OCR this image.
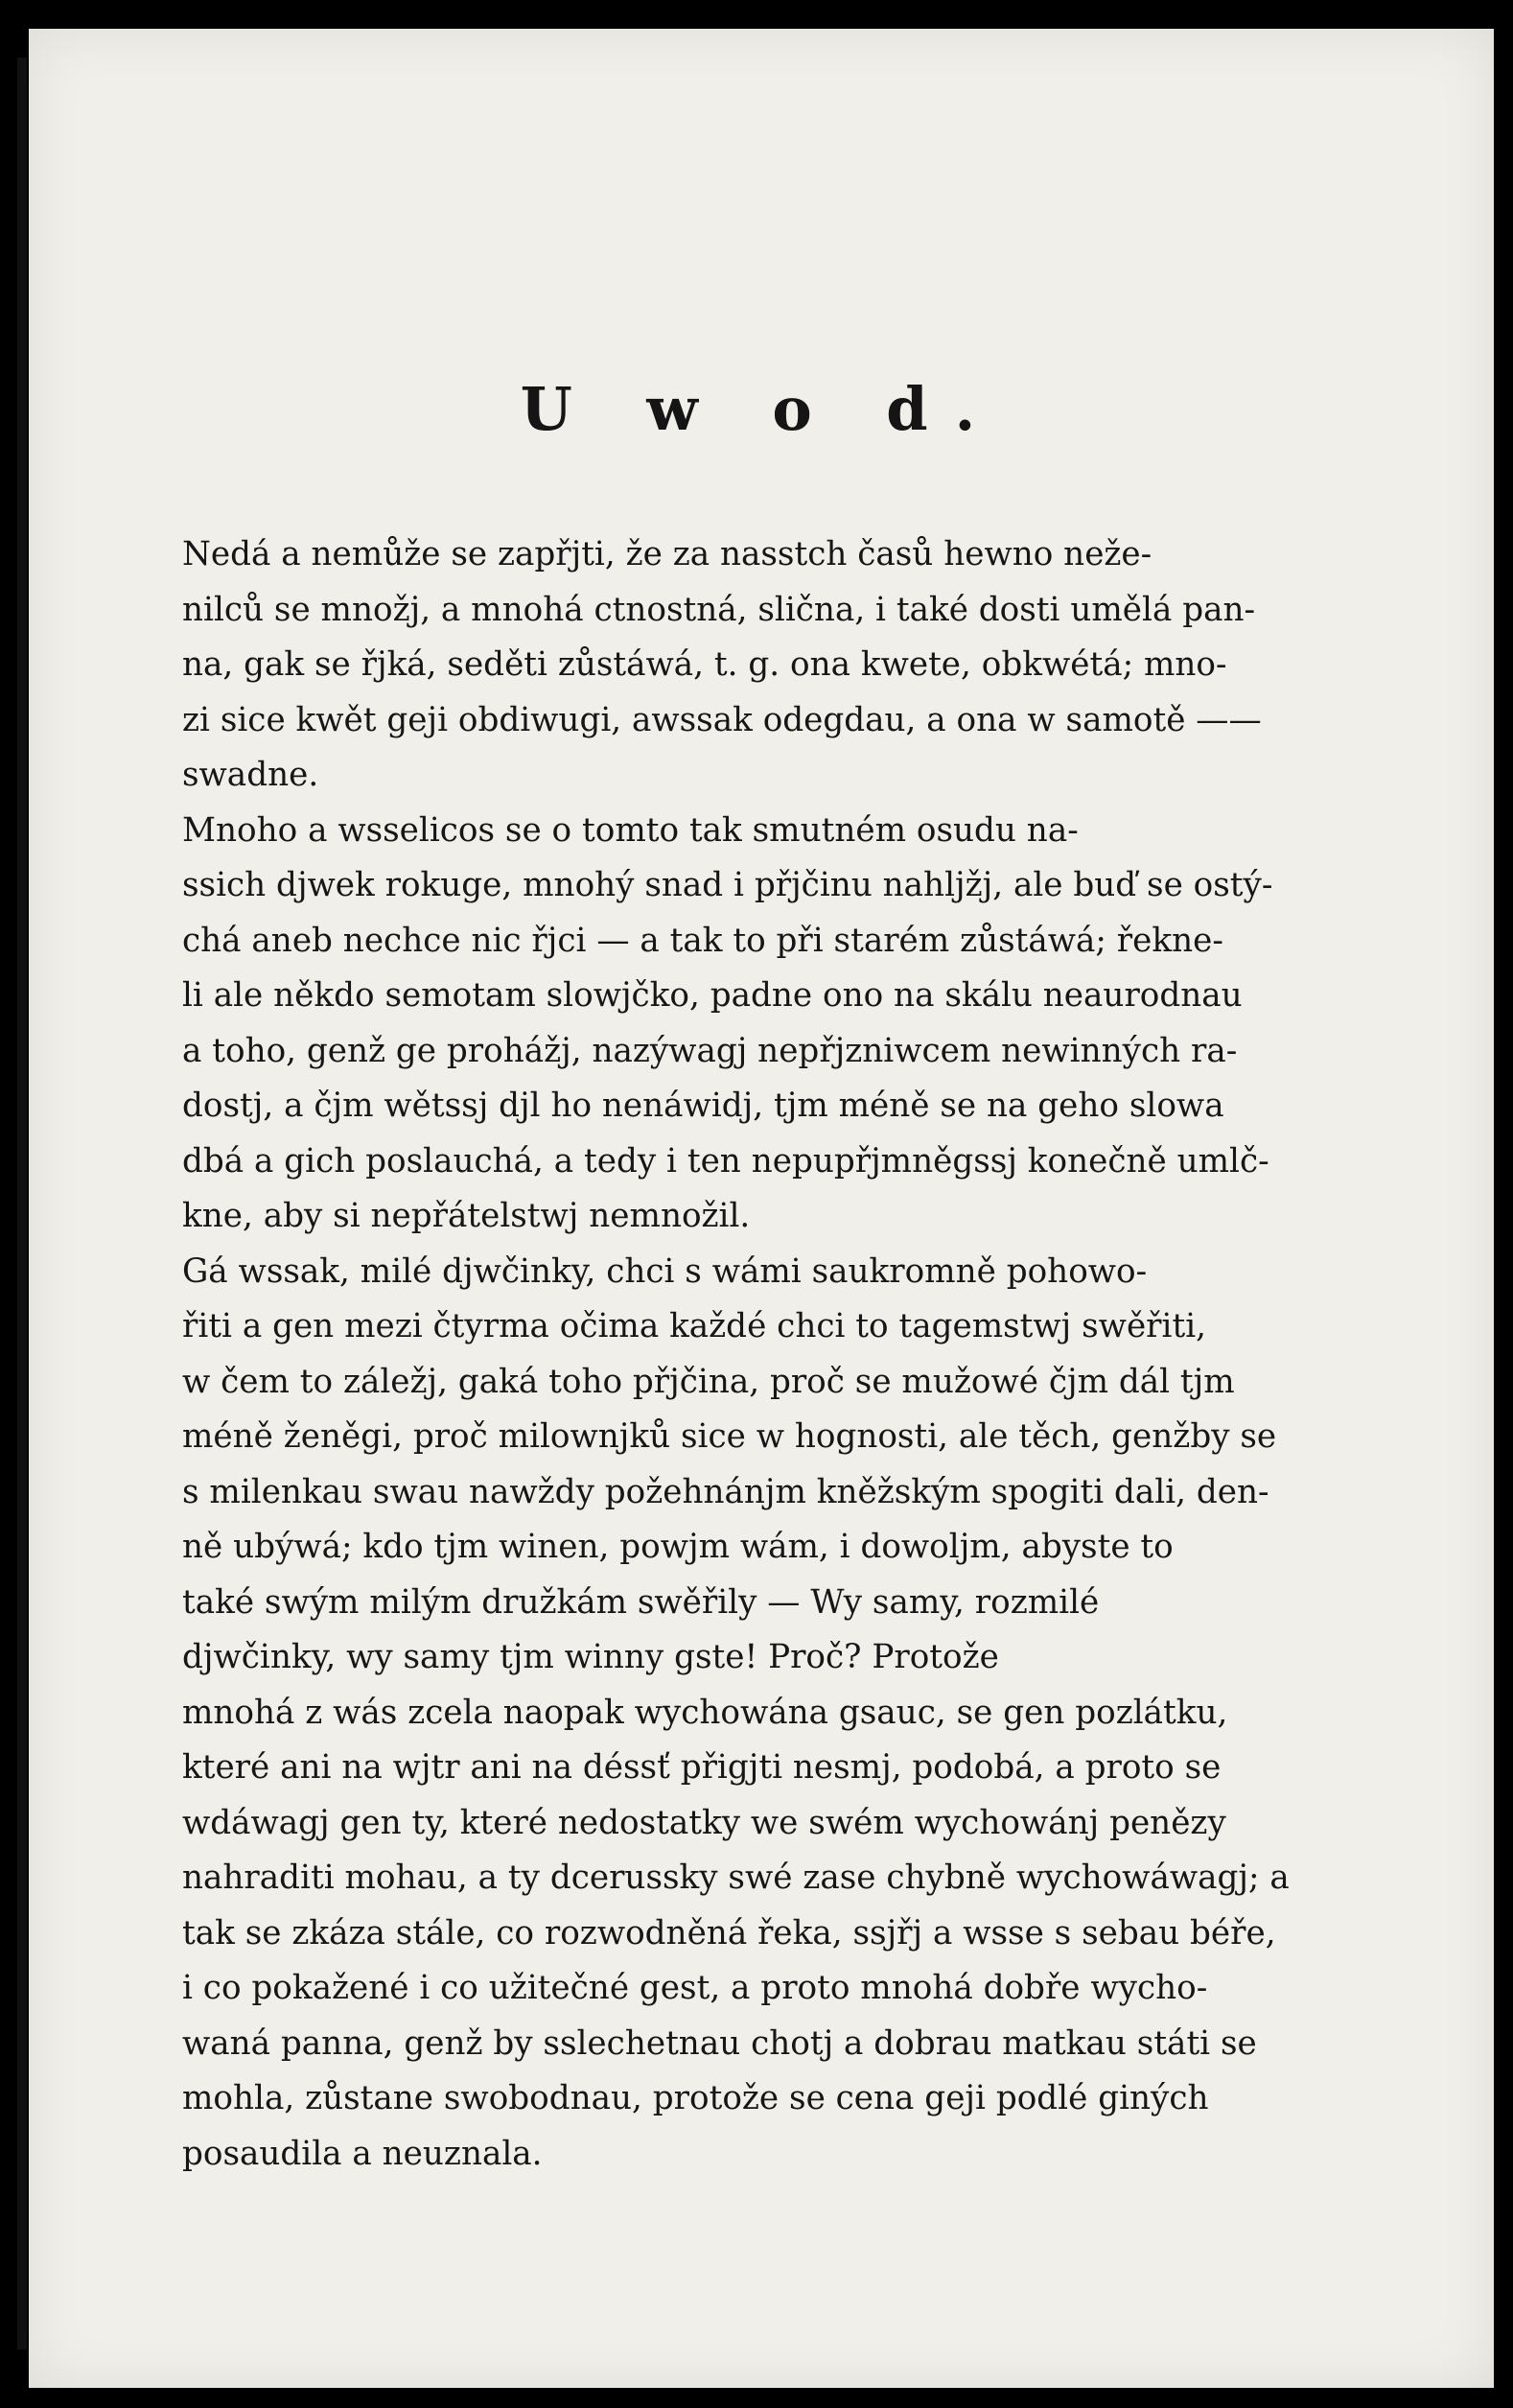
U w o d.
Nedá a nemůže se zapřjti, že za nasstch časů hewno neže-
nilců se množj, a mnohá ctnostná, slična, i také dosti umělá pan-
na, gak se řjká, seděti zůstáwá, t. g. ona kwete, obkwétá; mno-
zi sice kwět geji obdiwugi, awssak odegdau, a ona w samotě ——
swadne.
Mnoho a wsselicos se o tomto tak smutném osudu na-
ssich djwek rokuge, mnohý snad i přjčinu nahljžj, ale buď se ostý-
chá aneb nechce nic řjci — a tak to při starém zůstáwá; řekne-
li ale někdo semotam slowjčko, padne ono na skálu neaurodnau
a toho, genž ge prohážj, nazýwagj nepřjzniwcem newinných ra-
dostj, a čjm wětssj djl ho nenáwidj, tjm méně se na geho slowa
dbá a gich poslauchá, a tedy i ten nepupřjmněgssj konečně umlč-
kne, aby si nepřátelstwj nemnožil.
Gá wssak, milé djwčinky, chci s wámi saukromně pohowo-
řiti a gen mezi čtyrma očima každé chci to tagemstwj swěřiti,
w čem to záležj, gaká toho přjčina, proč se mužowé čjm dál tjm
méně ženěgi, proč milownjků sice w hognosti, ale těch, genžby se
s milenkau swau nawždy požehnánjm kněžským spogiti dali, den-
ně ubýwá; kdo tjm winen, powjm wám, i dowoljm, abyste to
také swým milým družkám swěřily — Wy samy, rozmilé
djwčinky, wy samy tjm winny gste! Proč? Protože
mnohá z wás zcela naopak wychowána gsauc, se gen pozlátku,
které ani na wjtr ani na déssť přigjti nesmj, podobá, a proto se
wdáwagj gen ty, které nedostatky we swém wychowánj penězy
nahraditi mohau, a ty dcerussky swé zase chybně wychowáwagj; a
tak se zkáza stále, co rozwodněná řeka, ssjřj a wsse s sebau béře,
i co pokažené i co užitečné gest, a proto mnohá dobře wycho-
waná panna, genž by sslechetnau chotj a dobrau matkau státi se
mohla, zůstane swobodnau, protože se cena geji podlé giných
posaudila a neuznala.
